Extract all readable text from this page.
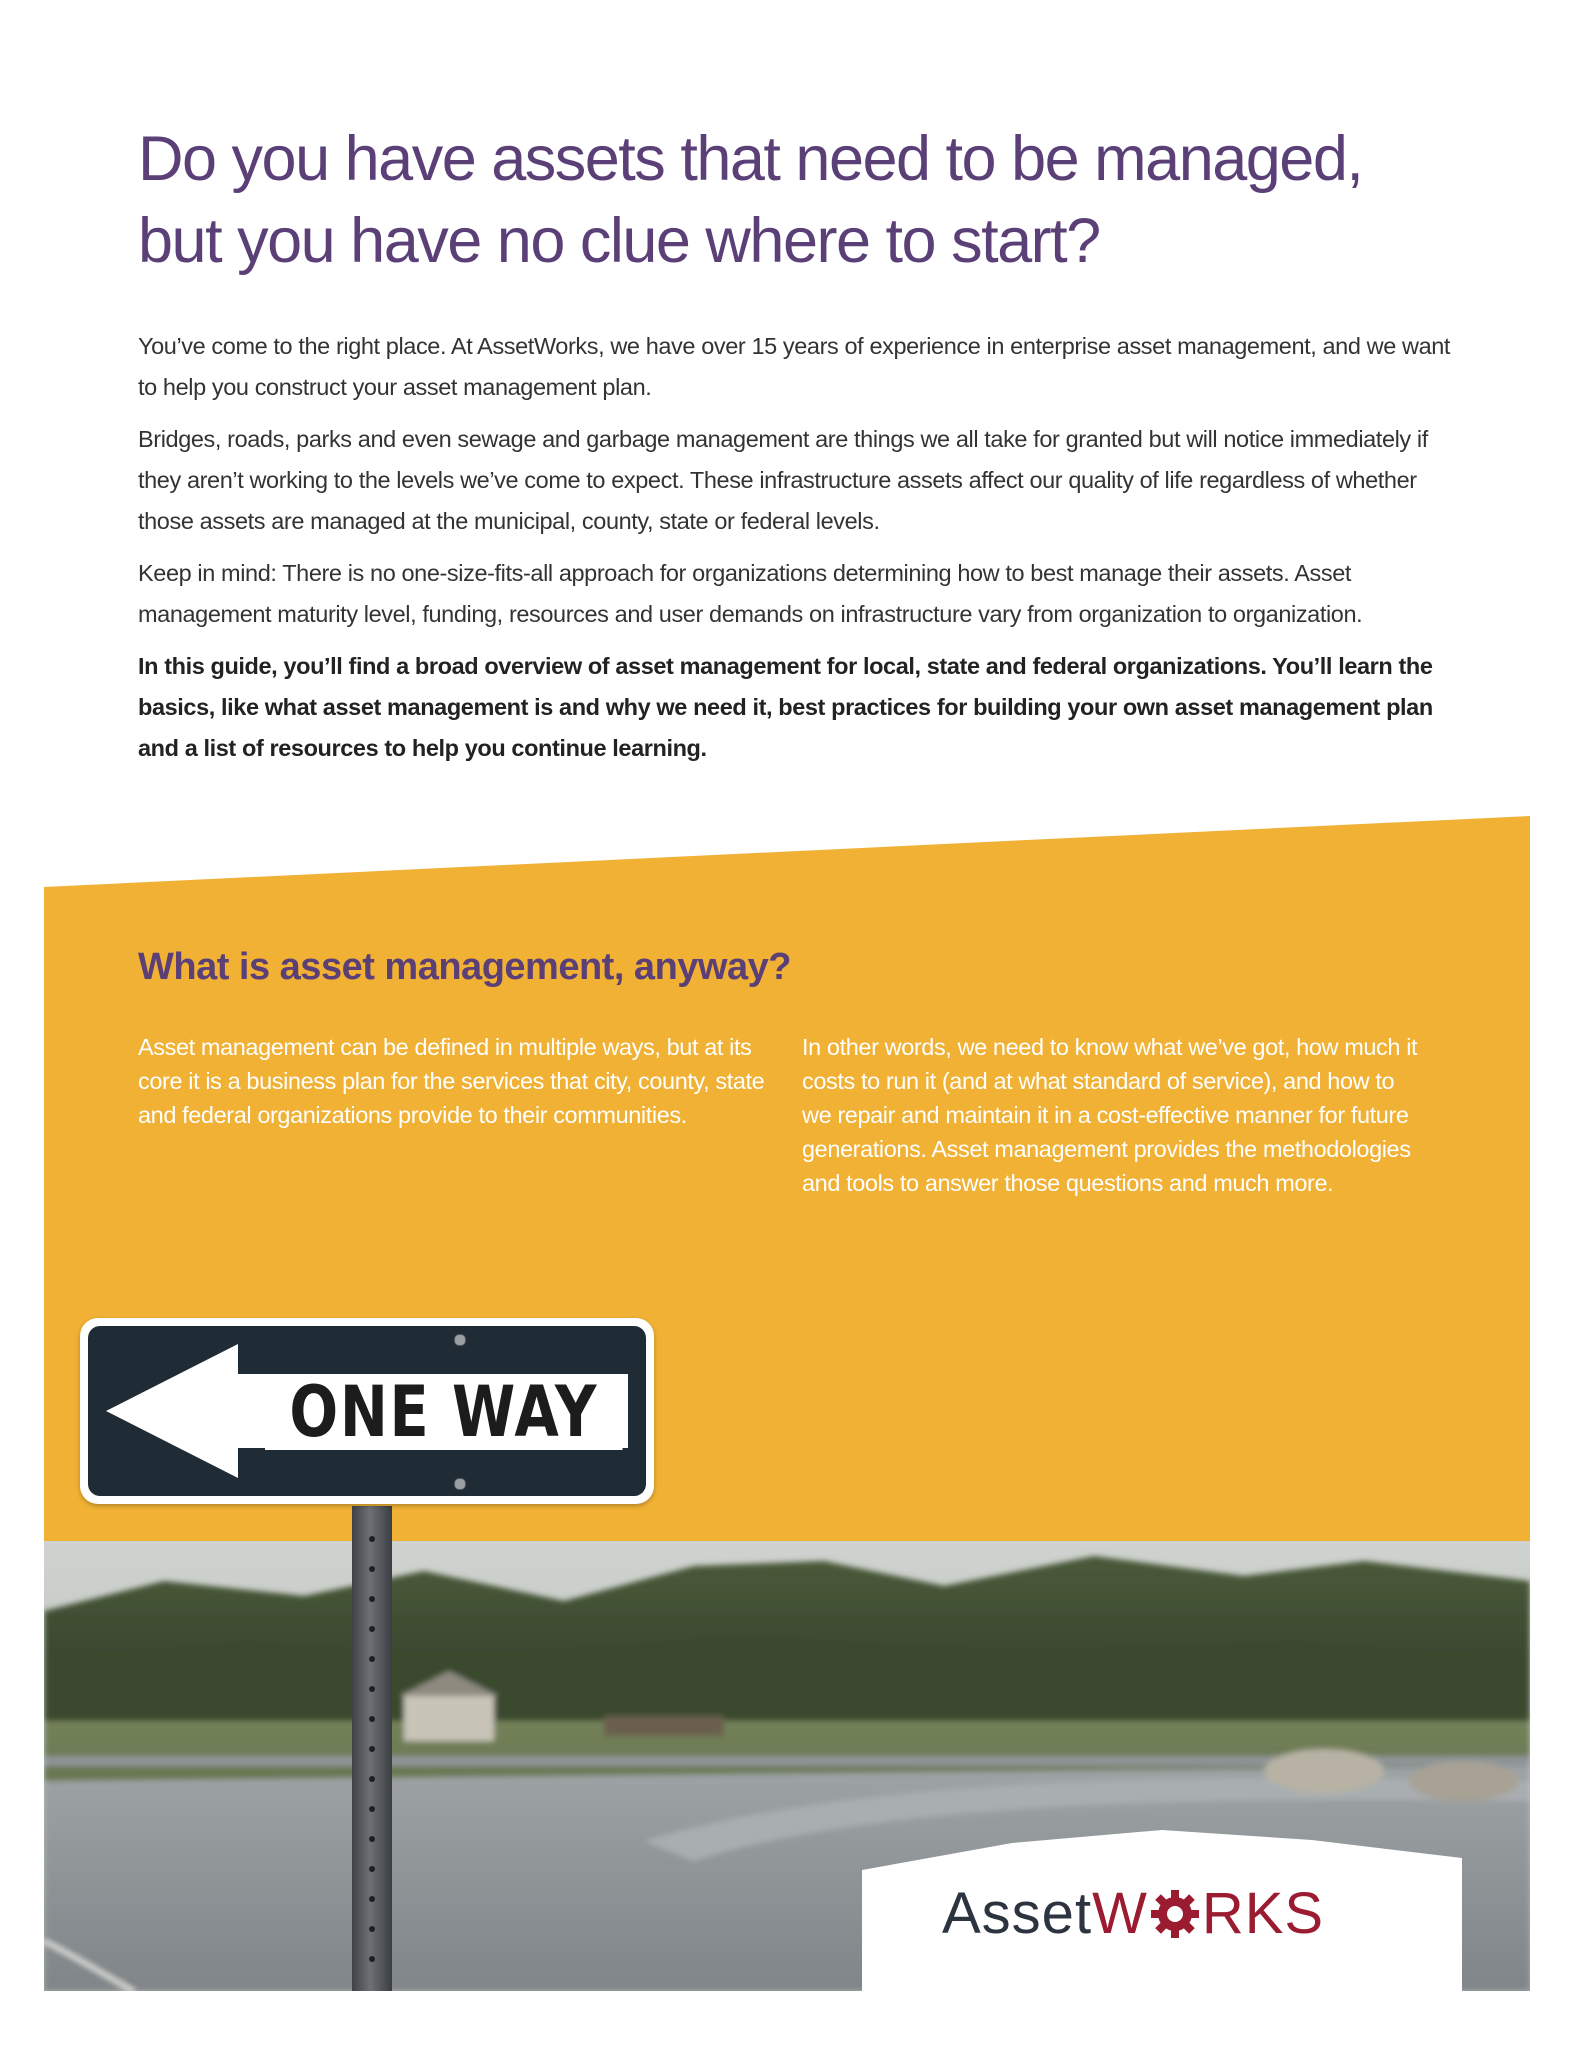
Do you have assets that need to be managed,
but you have no clue where to start?

You’ve come to the right place. At AssetWorks, we have over 15 years of experience in enterprise asset management, and we want to help you construct your asset management plan.

Bridges, roads, parks and even sewage and garbage management are things we all take for granted but will notice immediately if they aren’t working to the levels we’ve come to expect. These infrastructure assets affect our quality of life regardless of whether those assets are managed at the municipal, county, state or federal levels.

Keep in mind: There is no one-size-fits-all approach for organizations determining how to best manage their assets. Asset management maturity level, funding, resources and user demands on infrastructure vary from organization to organization.

In this guide, you’ll find a broad overview of asset management for local, state and federal organizations. You’ll learn the basics, like what asset management is and why we need it, best practices for building your own asset management plan and a list of resources to help you continue learning.

What is asset management, anyway?

Asset management can be defined in multiple ways, but at its core it is a business plan for the services that city, county, state and federal organizations provide to their communities.

In other words, we need to know what we’ve got, how much it costs to run it (and at what standard of service), and how to we repair and maintain it in a cost-effective manner for future generations. Asset management provides the methodologies and tools to answer those questions and much more.

ONE WAY
AssetW RKS
